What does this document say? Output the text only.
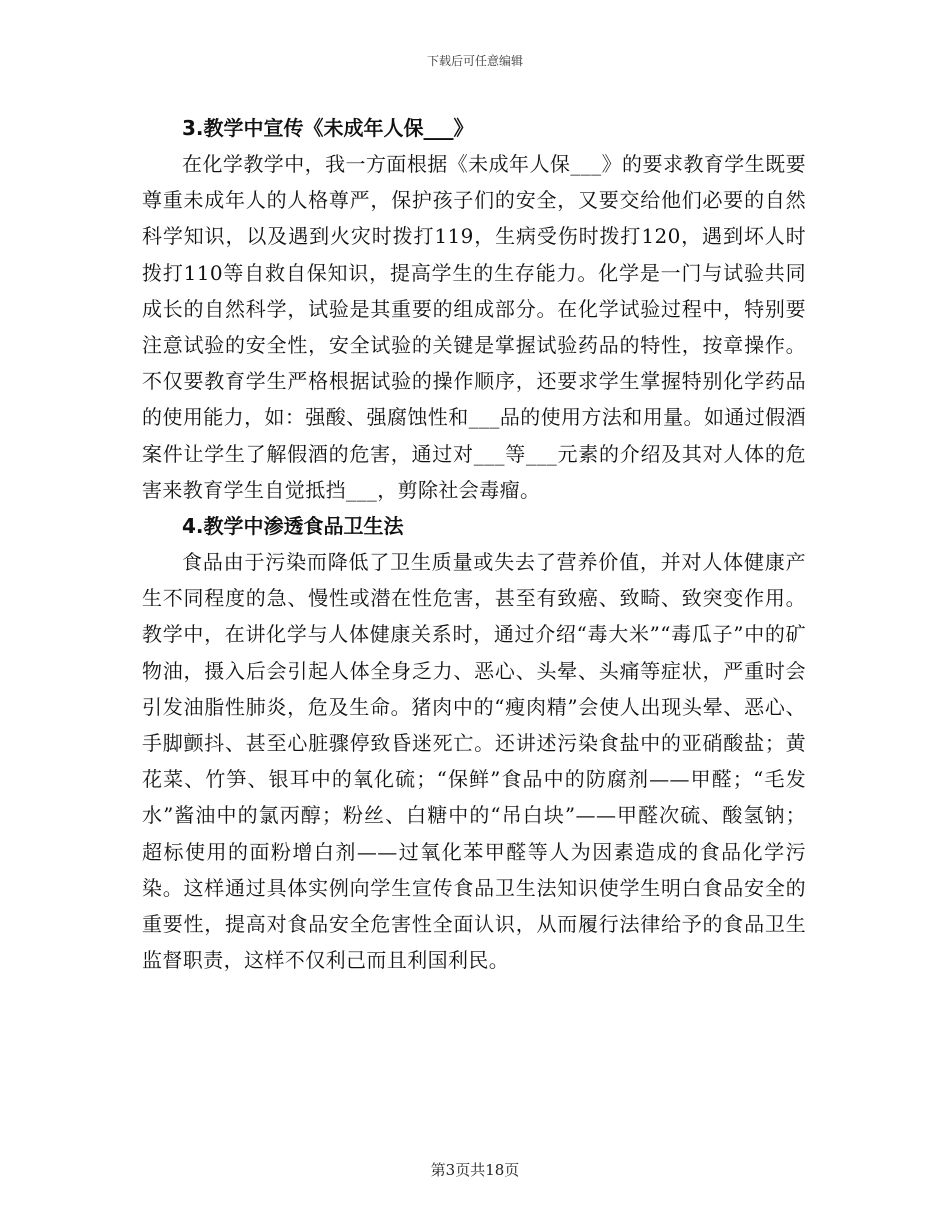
下载后可任意编辑

3.教学中宣传《未成年人保___》

在化学教学中，我一方面根据《未成年人保___》的要求教育学生既要尊重未成年人的人格尊严，保护孩子们的安全，又要交给他们必要的自然科学知识，以及遇到火灾时拨打119，生病受伤时拨打120，遇到坏人时拨打110等自救自保知识，提高学生的生存能力。化学是一门与试验共同成长的自然科学，试验是其重要的组成部分。在化学试验过程中，特别要注意试验的安全性，安全试验的关键是掌握试验药品的特性，按章操作。不仅要教育学生严格根据试验的操作顺序，还要求学生掌握特别化学药品的使用能力，如：强酸、强腐蚀性和___品的使用方法和用量。如通过假酒案件让学生了解假酒的危害，通过对___等___元素的介绍及其对人体的危害来教育学生自觉抵挡___，剪除社会毒瘤。

4.教学中渗透食品卫生法

食品由于污染而降低了卫生质量或失去了营养价值，并对人体健康产生不同程度的急、慢性或潜在性危害，甚至有致癌、致畸、致突变作用。教学中，在讲化学与人体健康关系时，通过介绍“毒大米”“毒瓜子”中的矿物油，摄入后会引起人体全身乏力、恶心、头晕、头痛等症状，严重时会引发油脂性肺炎，危及生命。猪肉中的“瘦肉精”会使人出现头晕、恶心、手脚颤抖、甚至心脏骤停致昏迷死亡。还讲述污染食盐中的亚硝酸盐；黄花菜、竹笋、银耳中的氧化硫；“保鲜”食品中的防腐剂——甲醛；“毛发水”酱油中的氯丙醇；粉丝、白糖中的“吊白块”——甲醛次硫、酸氢钠；超标使用的面粉增白剂——过氧化苯甲醛等人为因素造成的食品化学污染。这样通过具体实例向学生宣传食品卫生法知识使学生明白食品安全的重要性，提高对食品安全危害性全面认识，从而履行法律给予的食品卫生监督职责，这样不仅利己而且利国利民。

第3页共18页
